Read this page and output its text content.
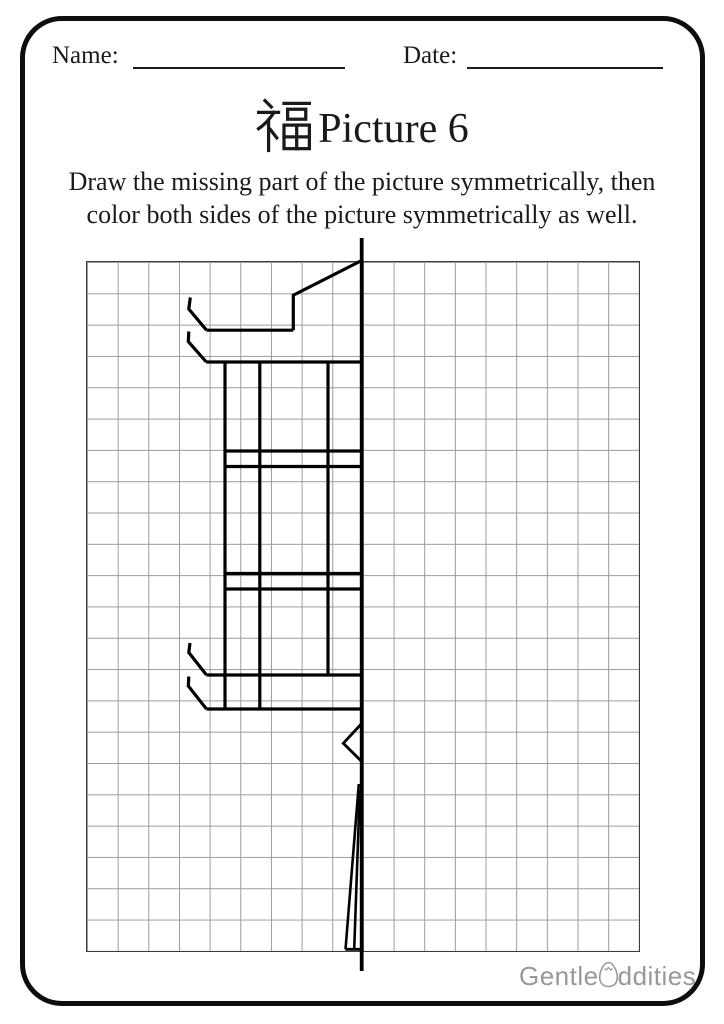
Name:	Date:
Picture 6
Draw the missing part of the picture symmetrically, then
color both sides of the picture symmetrically as well.
Gentle ddities
